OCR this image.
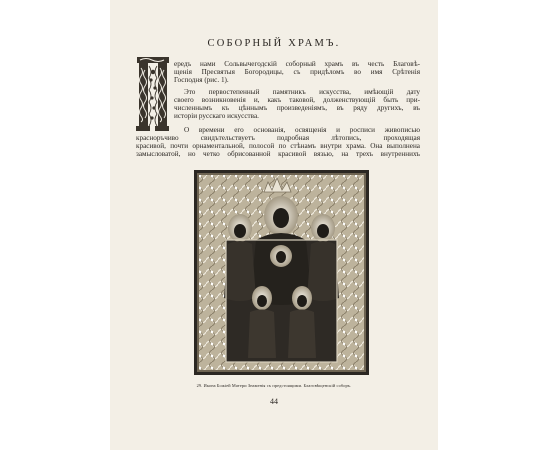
СОБОРНЫЙ ХРАМЪ.
ередъ нами Сольвычегодскій соборный храмъ въ честь Благовѣ-
щенія Пресвятыя Богородицы, съ придѣломъ во имя Срѣтенія
Господня (рис. 1).
Это первостепенный памятникъ искусства, имѣющій дату
своего возникновенія и, какъ таковой, долженствующій быть при-
численнымъ къ цѣннымъ произведеніямъ, въ ряду другихъ, въ
исторіи русскаго искусства.
О времени его основанія, освященія и росписи живописью
красноръчиво свидътельствуетъ подробная лѣтопись, проходящая
красивой, почти орнаментальной, полосой по стѣнамъ внутри храма. Она выполнена
замысловатой, но четко обрисованной красивой вязью, на трехъ внутреннихъ
29. Икона Божіей Матери Знаменія съ предстоящими. Благовѣщенскій соборъ.
44
